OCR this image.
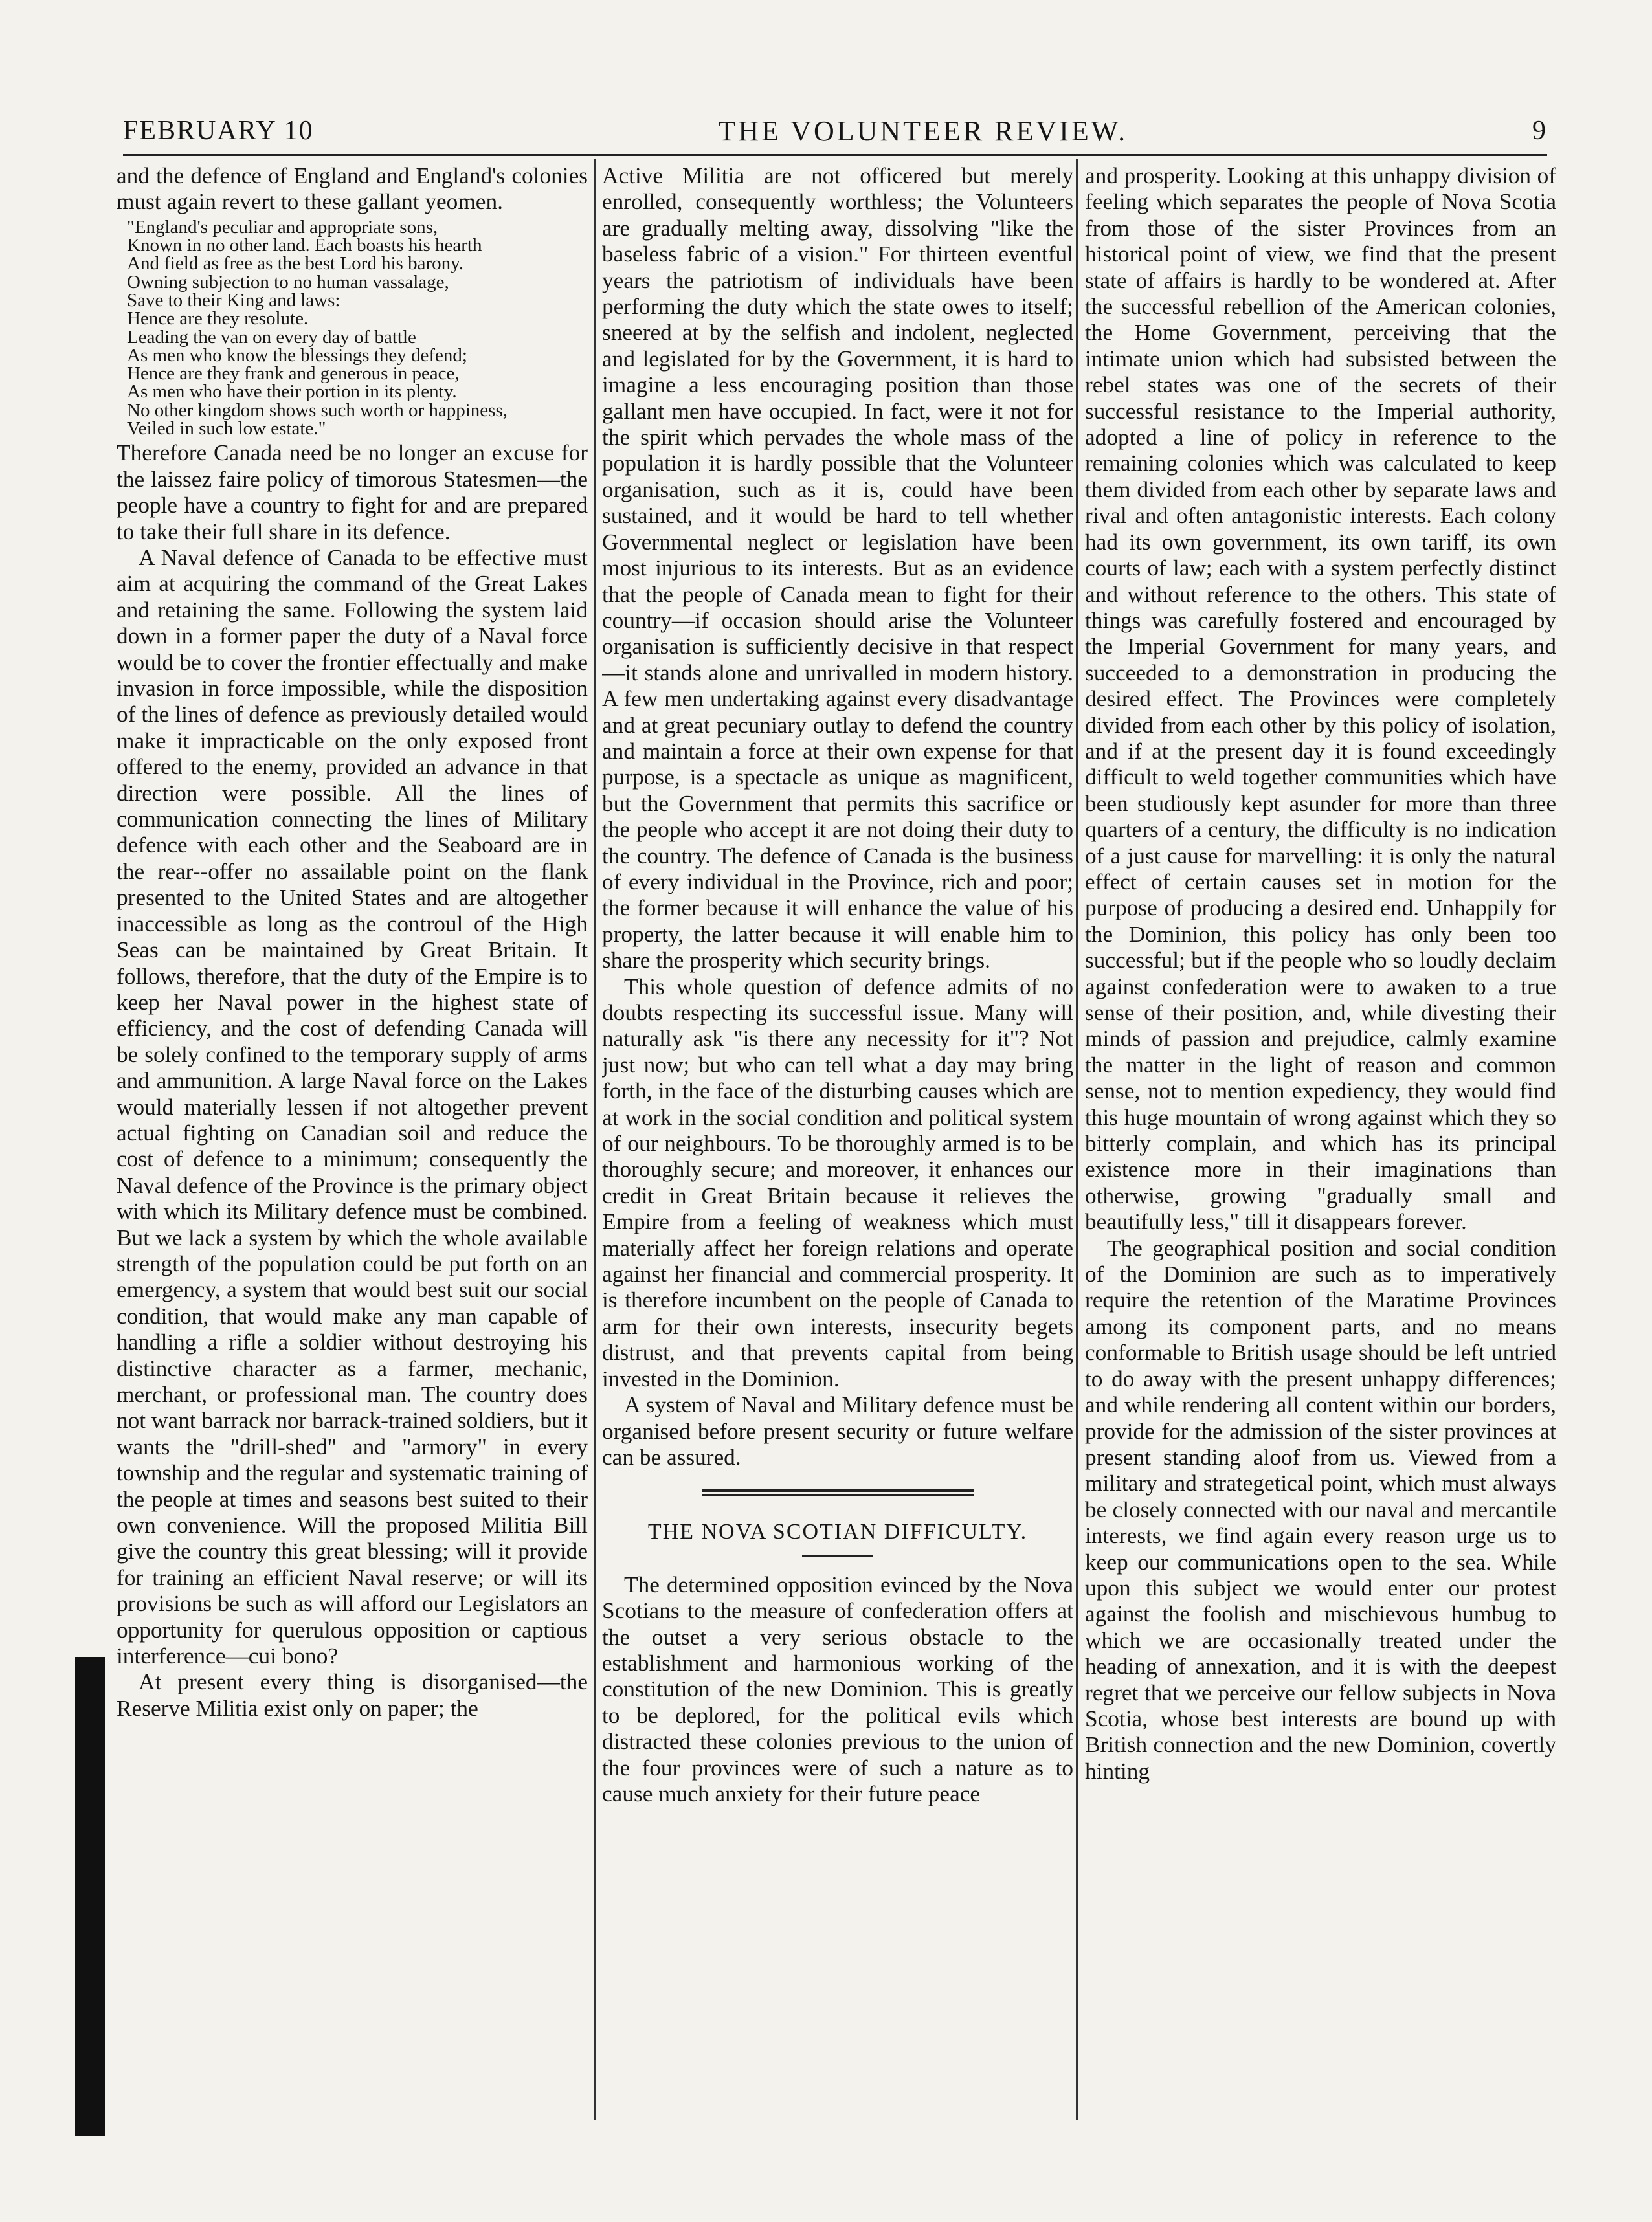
FEBRUARY 10	THE VOLUNTEER REVIEW.	9

and the defence of England and England's colonies must again revert to these gallant yeomen.

"England's peculiar and appropriate sons,
Known in no other land. Each boasts his hearth
And field as free as the best Lord his barony.
Owning subjection to no human vassalage,
Save to their King and laws:
Hence are they resolute.
Leading the van on every day of battle
As men who know the blessings they defend;
Hence are they frank and generous in peace,
As men who have their portion in its plenty.
No other kingdom shows such worth or happiness,
Veiled in such low estate."

Therefore Canada need be no longer an excuse for the laissez faire policy of timorous Statesmen—the people have a country to fight for and are prepared to take their full share in its defence.

A Naval defence of Canada to be effective must aim at acquiring the command of the Great Lakes and retaining the same. Following the system laid down in a former paper the duty of a Naval force would be to cover the frontier effectually and make invasion in force impossible, while the disposition of the lines of defence as previously detailed would make it impracticable on the only exposed front offered to the enemy, provided an advance in that direction were possible. All the lines of communication connecting the lines of Military defence with each other and the Seaboard are in the rear--offer no assailable point on the flank presented to the United States and are altogether inaccessible as long as the controul of the High Seas can be maintained by Great Britain. It follows, therefore, that the duty of the Empire is to keep her Naval power in the highest state of efficiency, and the cost of defending Canada will be solely confined to the temporary supply of arms and ammunition. A large Naval force on the Lakes would materially lessen if not altogether prevent actual fighting on Canadian soil and reduce the cost of defence to a minimum; consequently the Naval defence of the Province is the primary object with which its Military defence must be combined. But we lack a system by which the whole available strength of the population could be put forth on an emergency, a system that would best suit our social condition, that would make any man capable of handling a rifle a soldier without destroying his distinctive character as a farmer, mechanic, merchant, or professional man. The country does not want barrack nor barrack-trained soldiers, but it wants the "drill-shed" and "armory" in every township and the regular and systematic training of the people at times and seasons best suited to their own convenience. Will the proposed Militia Bill give the country this great blessing; will it provide for training an efficient Naval reserve; or will its provisions be such as will afford our Legislators an opportunity for querulous opposition or captious interference—cui bono?

At present every thing is disorganised—the Reserve Militia exist only on paper; the

Active Militia are not officered but merely enrolled, consequently worthless; the Volunteers are gradually melting away, dissolving "like the baseless fabric of a vision." For thirteen eventful years the patriotism of individuals have been performing the duty which the state owes to itself; sneered at by the selfish and indolent, neglected and legislated for by the Government, it is hard to imagine a less encouraging position than those gallant men have occupied. In fact, were it not for the spirit which pervades the whole mass of the population it is hardly possible that the Volunteer organisation, such as it is, could have been sustained, and it would be hard to tell whether Governmental neglect or legislation have been most injurious to its interests. But as an evidence that the people of Canada mean to fight for their country—if occasion should arise the Volunteer organisation is sufficiently decisive in that respect—it stands alone and unrivalled in modern history. A few men undertaking against every disadvantage and at great pecuniary outlay to defend the country and maintain a force at their own expense for that purpose, is a spectacle as unique as magnificent, but the Government that permits this sacrifice or the people who accept it are not doing their duty to the country. The defence of Canada is the business of every individual in the Province, rich and poor; the former because it will enhance the value of his property, the latter because it will enable him to share the prosperity which security brings.

This whole question of defence admits of no doubts respecting its successful issue. Many will naturally ask "is there any necessity for it"? Not just now; but who can tell what a day may bring forth, in the face of the disturbing causes which are at work in the social condition and political system of our neighbours. To be thoroughly armed is to be thoroughly secure; and moreover, it enhances our credit in Great Britain because it relieves the Empire from a feeling of weakness which must materially affect her foreign relations and operate against her financial and commercial prosperity. It is therefore incumbent on the people of Canada to arm for their own interests, insecurity begets distrust, and that prevents capital from being invested in the Dominion.

A system of Naval and Military defence must be organised before present security or future welfare can be assured.

THE NOVA SCOTIAN DIFFICULTY.

The determined opposition evinced by the Nova Scotians to the measure of confederation offers at the outset a very serious obstacle to the establishment and harmonious working of the constitution of the new Dominion. This is greatly to be deplored, for the political evils which distracted these colonies previous to the union of the four provinces were of such a nature as to cause much anxiety for their future peace

and prosperity. Looking at this unhappy division of feeling which separates the people of Nova Scotia from those of the sister Provinces from an historical point of view, we find that the present state of affairs is hardly to be wondered at. After the successful rebellion of the American colonies, the Home Government, perceiving that the intimate union which had subsisted between the rebel states was one of the secrets of their successful resistance to the Imperial authority, adopted a line of policy in reference to the remaining colonies which was calculated to keep them divided from each other by separate laws and rival and often antagonistic interests. Each colony had its own government, its own tariff, its own courts of law; each with a system perfectly distinct and without reference to the others. This state of things was carefully fostered and encouraged by the Imperial Government for many years, and succeeded to a demonstration in producing the desired effect. The Provinces were completely divided from each other by this policy of isolation, and if at the present day it is found exceedingly difficult to weld together communities which have been studiously kept asunder for more than three quarters of a century, the difficulty is no indication of a just cause for marvelling: it is only the natural effect of certain causes set in motion for the purpose of producing a desired end. Unhappily for the Dominion, this policy has only been too successful; but if the people who so loudly declaim against confederation were to awaken to a true sense of their position, and, while divesting their minds of passion and prejudice, calmly examine the matter in the light of reason and common sense, not to mention expediency, they would find this huge mountain of wrong against which they so bitterly complain, and which has its principal existence more in their imaginations than otherwise, growing "gradually small and beautifully less," till it disappears forever.

The geographical position and social condition of the Dominion are such as to imperatively require the retention of the Maratime Provinces among its component parts, and no means conformable to British usage should be left untried to do away with the present unhappy differences; and while rendering all content within our borders, provide for the admission of the sister provinces at present standing aloof from us. Viewed from a military and strategetical point, which must always be closely connected with our naval and mercantile interests, we find again every reason urge us to keep our communications open to the sea. While upon this subject we would enter our protest against the foolish and mischievous humbug to which we are occasionally treated under the heading of annexation, and it is with the deepest regret that we perceive our fellow subjects in Nova Scotia, whose best interests are bound up with British connection and the new Dominion, covertly hinting
